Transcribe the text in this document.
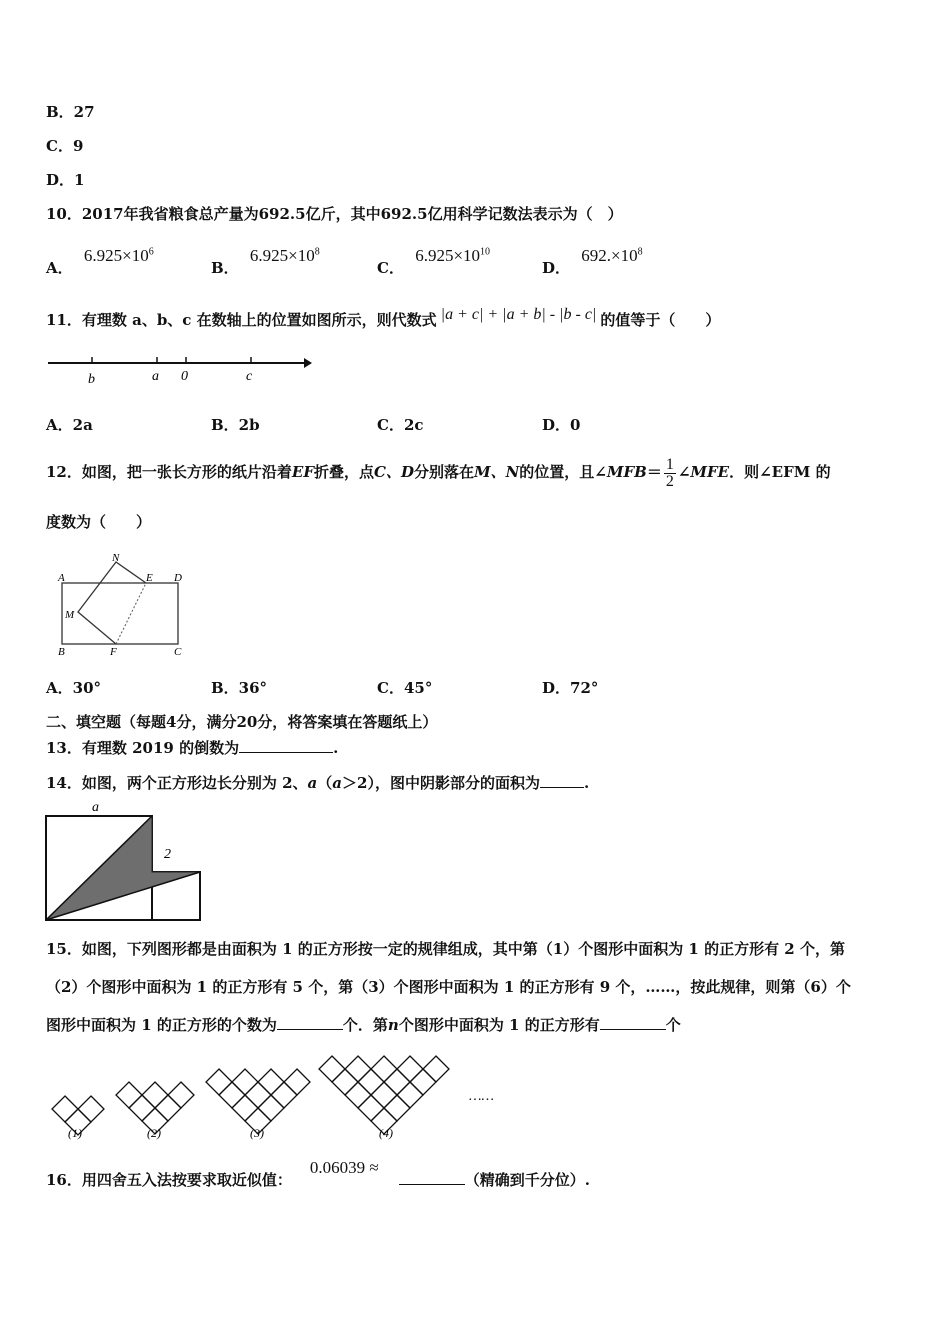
B．27
C．9
D．1
10．2017年我省粮食总产量为692.5亿斤，其中692.5亿用科学记数法表示为（　）
A． $6.925\times 10^6$
B． $6.925\times 10^8$
C． $6.925\times 10^{10}$
D． $692.\times 10^8$
11．有理数 a、b、c 在数轴上的位置如图所示，则代数式 |a + c| + |a + b| - |b - c| 的值等于（　　）
b	a 0	c
A．2a	B．2b	C．2c	D．0
12．如图，把一张长方形的纸片沿着EF折叠，点C、D分别落在M、N的位置，且∠MFB＝ $\frac{1}{2}$ ∠MFE．则∠EFM 的
度数为（　　）
N
A	E D
M
B	F	C
A．30°	B．36°	C．45°	D．72°
二、填空题（每题4分，满分20分，将答案填在答题纸上）
13．有理数 2019 的倒数为	.
14．如图，两个正方形边长分别为 2、a（a＞2），图中阴影部分的面积为	.
a
2
15．如图，下列图形都是由面积为 1 的正方形按一定的规律组成，其中第（1）个图形中面积为 1 的正方形有 2 个，第
（2）个图形中面积为 1 的正方形有 5 个，第（3）个图形中面积为 1 的正方形有 9 个，……，按此规律，则第（6）个
图形中面积为 1 的正方形的个数为	个．第n个图形中面积为 1 的正方形有	个
(1)	(2)	(3)	(4)
……
16．用四舍五入法按要求取近似值：0.06039 ≈（精确到千分位）.
